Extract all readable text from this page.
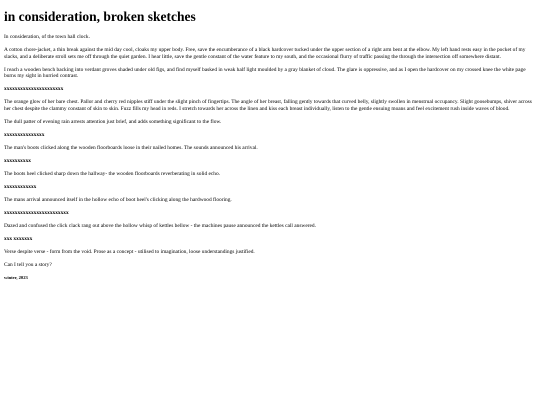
in consideration, broken sketches

In consideration, of the town hall clock.

A cotton chore-jacket, a thin break against the mid day cool, cloaks my upper body. Free, save the encumberance of a black hardcover tucked under the upper section of a right arm bent at the elbow. My left hand rests easy in the pocket of my slacks, and a deliberate stroll sets me off through the quiet garden. I hear little, save the gentle constant of the water feature to my south, and the occasional flurry of traffic passing the through the intersection off somewhere distant.

I reach a wooden bench backing into verdant groves shaded under old figs, and find myself basked in weak half light moulded by a gray blanket of cloud. The glare is oppressive, and as I open the hardcover on my crossed knee the white page burns my sight in hurried contrast.

xxxxxxxxxxxxxxxxxxxxxx

The orange glow of her bare chest. Pallor and cherry red nipples stiff under the slight pinch of fingertips. The angle of her breast, falling gently towards that curved belly, slightly swollen in menstrual occupancy. Slight goosebumps, shiver across her chest despite the clammy constant of skin to skin. Fuzz fills my head in reds. I stretch towards her across the linen and kiss each breast individually, listen to the gentle ensuing moans and feel excitement rush inside waves of blood.

The dull patter of evening rain arrests attention just brief, and adds something significant to the flow.

xxxxxxxxxxxxxxx

The man's boots clicked along the wooden floorboards loose in their nailed homes. The sounds announced his arrival.

xxxxxxxxxx

The boots heel clicked sharp down the hallway- the wooden floorboards reverberating in solid echo.

xxxxxxxxxxxx

The mans arrival announced itself in the hollow echo of boot heel's clicking along the hardwood flooring.

xxxxxxxxxxxxxxxxxxxxxxxx

Dazed and confused the click clack rang out above the hollow whisp of kettles bellow - the machines pause announced the kettles call answered.

xxx xxxxxxx

Verse despite verse - form from the void. Prose as a concept - utilised to imagination, loose understandings justified.

Can I tell you a story?

winter, 2023
